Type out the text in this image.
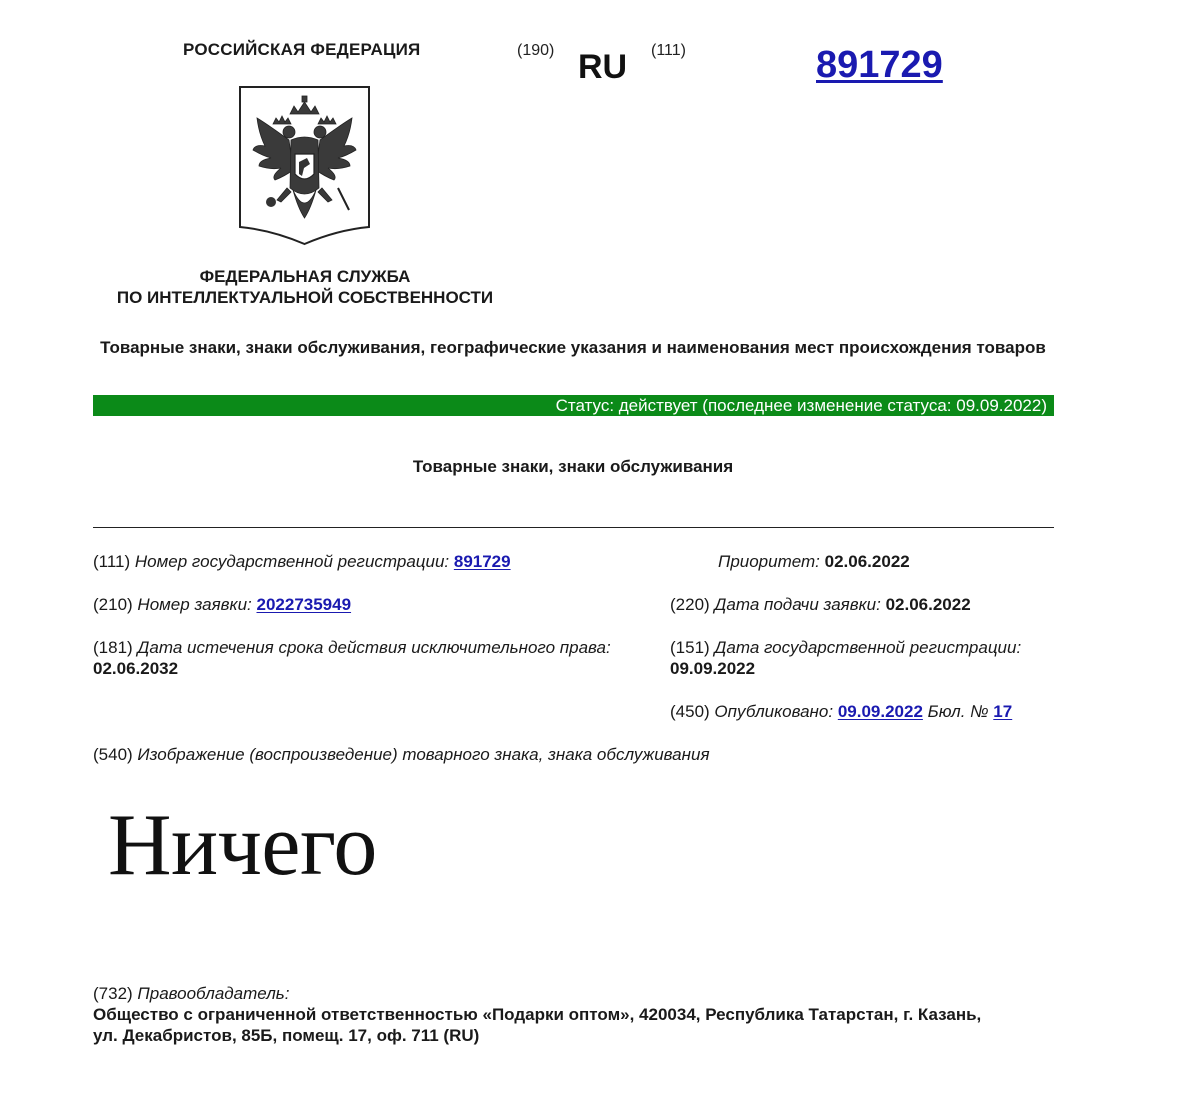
РОССИЙСКАЯ ФЕДЕРАЦИЯ	(190) RU (111)	891729
ФЕДЕРАЛЬНАЯ СЛУЖБА
ПО ИНТЕЛЛЕКТУАЛЬНОЙ СОБСТВЕННОСТИ
Товарные знаки, знаки обслуживания, географические указания и наименования мест происхождения товаров
Статус: действует (последнее изменение статуса: 09.09.2022)
Товарные знаки, знаки обслуживания
(111) Номер государственной регистрации: 891729	Приоритет: 02.06.2022
(210) Номер заявки: 2022735949	(220) Дата подачи заявки: 02.06.2022
(181) Дата истечения срока действия исключительного права:
02.06.2032
(151) Дата государственной регистрации:
09.09.2022
(450) Опубликовано: 09.09.2022 Бюл. № 17
(540) Изображение (воспроизведение) товарного знака, знака обслуживания
Ничего
(732) Правообладатель:
Общество с ограниченной ответственностью «Подарки оптом», 420034, Республика Татарстан, г. Казань,
ул. Декабристов, 85Б, помещ. 17, оф. 711 (RU)
